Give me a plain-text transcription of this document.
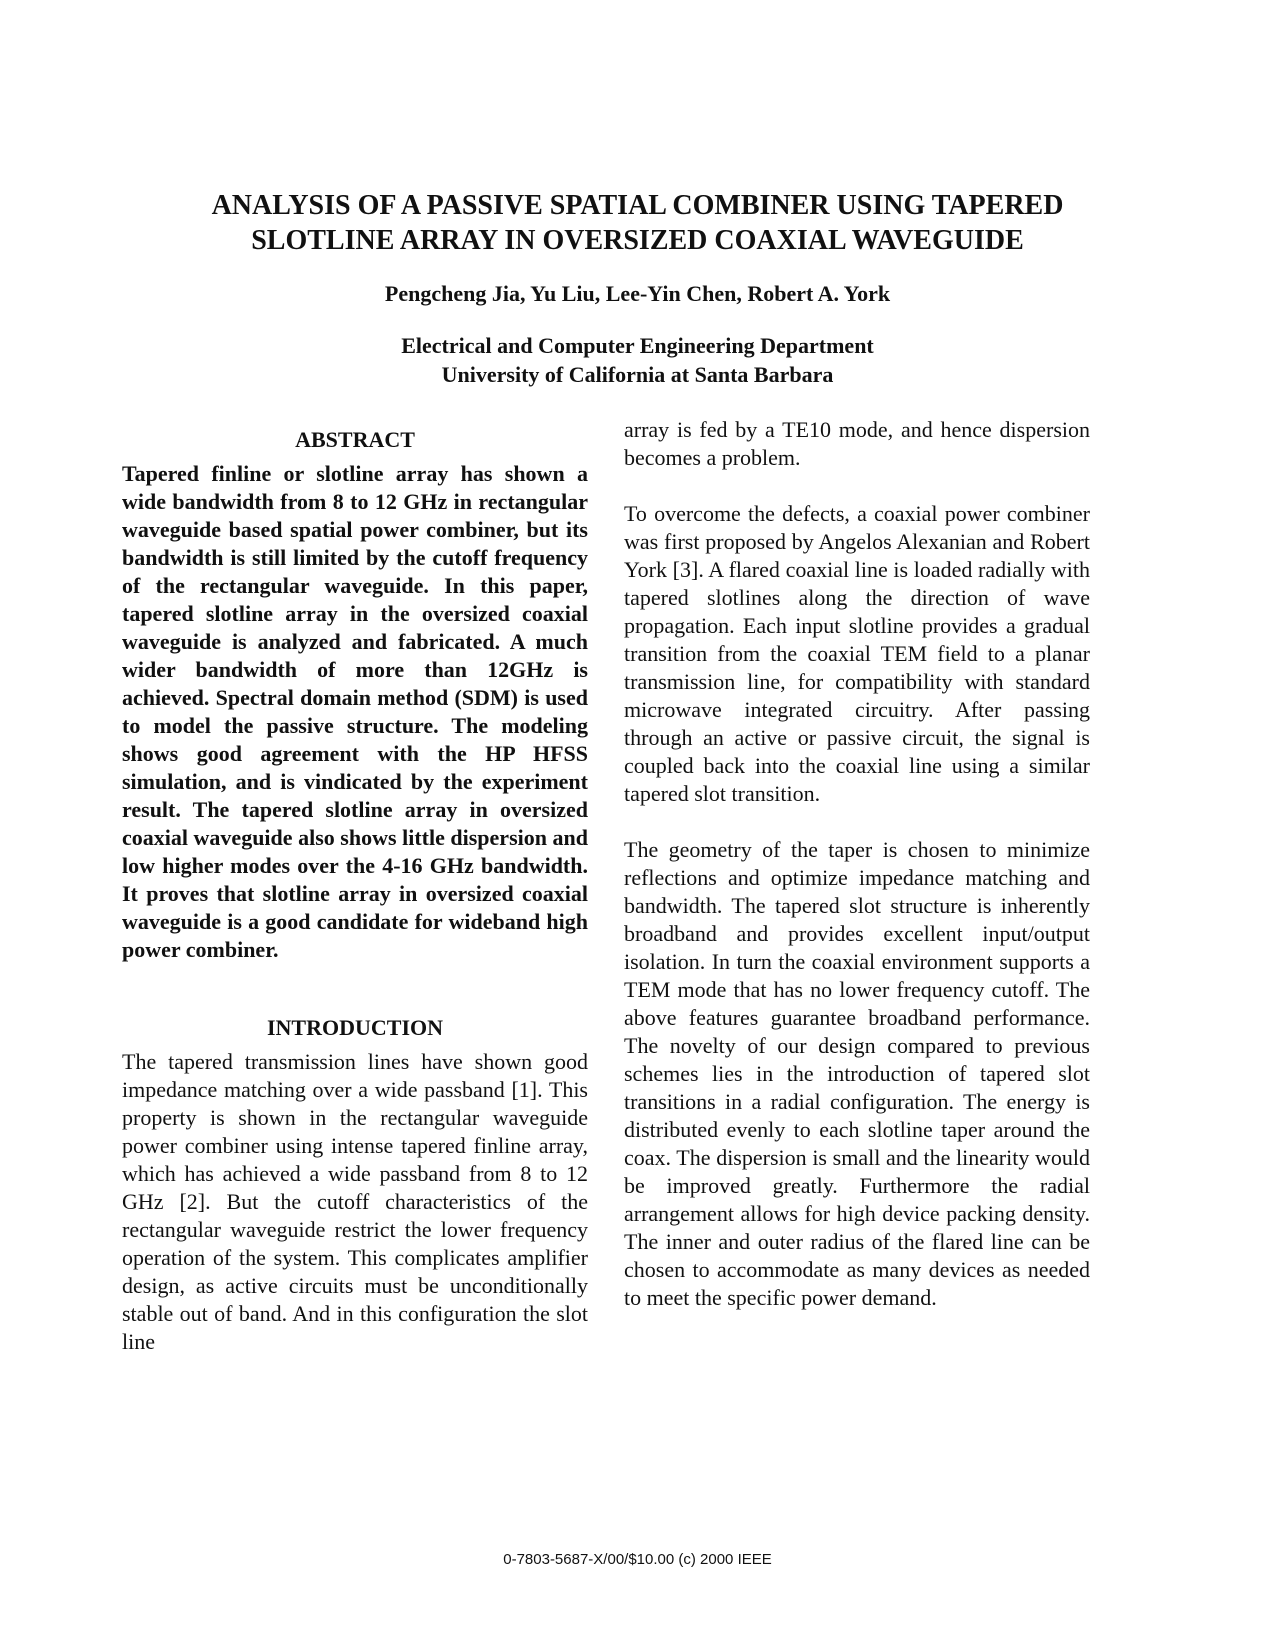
ANALYSIS OF A PASSIVE SPATIAL COMBINER USING TAPERED
SLOTLINE ARRAY IN OVERSIZED COAXIAL WAVEGUIDE
Pengcheng Jia, Yu Liu, Lee-Yin Chen, Robert A. York
Electrical and Computer Engineering Department
University of California at Santa Barbara
ABSTRACT

Tapered finline or slotline array has shown a wide bandwidth from 8 to 12 GHz in rectangular waveguide based spatial power combiner, but its bandwidth is still limited by the cutoff frequency of the rectangular waveguide. In this paper, tapered slotline array in the oversized coaxial waveguide is analyzed and fabricated. A much wider bandwidth of more than 12GHz is achieved. Spectral domain method (SDM) is used to model the passive structure. The modeling shows good agreement with the HP HFSS simulation, and is vindicated by the experiment result. The tapered slotline array in oversized coaxial waveguide also shows little dispersion and low higher modes over the 4-16 GHz bandwidth. It proves that slotline array in oversized coaxial waveguide is a good candidate for wideband high power combiner.

INTRODUCTION

The tapered transmission lines have shown good impedance matching over a wide passband [1]. This property is shown in the rectangular waveguide power combiner using intense tapered finline array, which has achieved a wide passband from 8 to 12 GHz [2]. But the cutoff characteristics of the rectangular waveguide restrict the lower frequency operation of the system. This complicates amplifier design, as active circuits must be unconditionally stable out of band. And in this configuration the slot line

array is fed by a TE10 mode, and hence dispersion becomes a problem.

To overcome the defects, a coaxial power combiner was first proposed by Angelos Alexanian and Robert York [3]. A flared coaxial line is loaded radially with tapered slotlines along the direction of wave propagation. Each input slotline provides a gradual transition from the coaxial TEM field to a planar transmission line, for compatibility with standard microwave integrated circuitry. After passing through an active or passive circuit, the signal is coupled back into the coaxial line using a similar tapered slot transition.

The geometry of the taper is chosen to minimize reflections and optimize impedance matching and bandwidth. The tapered slot structure is inherently broadband and provides excellent input/output isolation. In turn the coaxial environment supports a TEM mode that has no lower frequency cutoff. The above features guarantee broadband performance. The novelty of our design compared to previous schemes lies in the introduction of tapered slot transitions in a radial configuration. The energy is distributed evenly to each slotline taper around the coax. The dispersion is small and the linearity would be improved greatly. Furthermore the radial arrangement allows for high device packing density. The inner and outer radius of the flared line can be chosen to accommodate as many devices as needed to meet the specific power demand.

0-7803-5687-X/00/$10.00 (c) 2000 IEEE
